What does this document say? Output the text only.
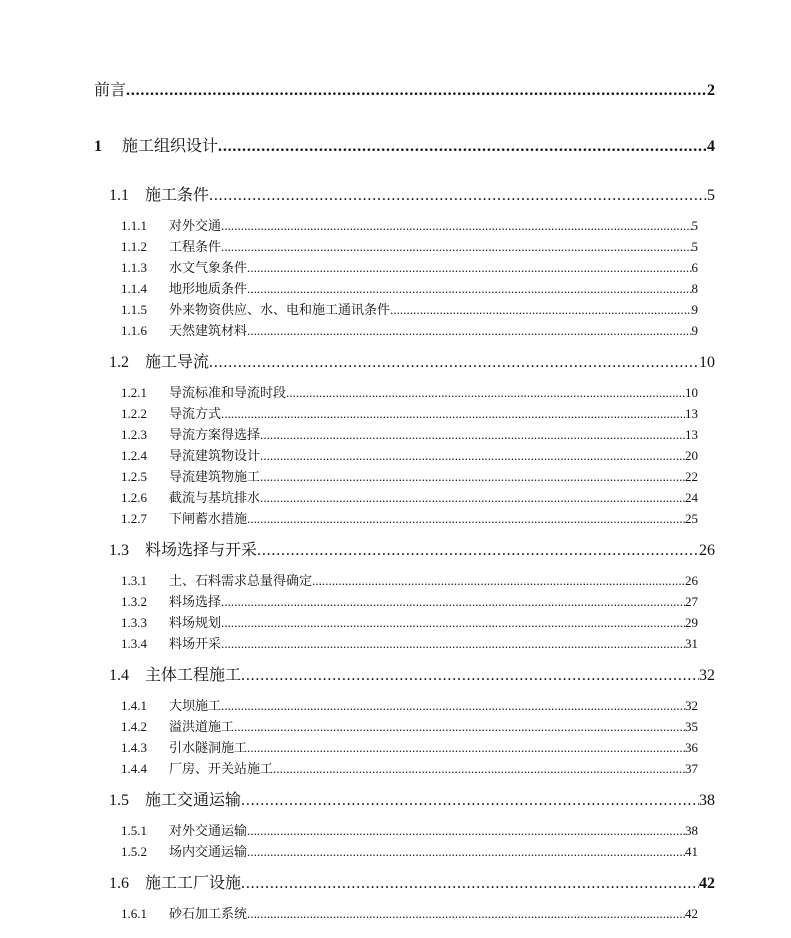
前言 . . .	2
1	施工组织设计 . . .	4
1.1	施工条件 . . .	5
1.1.1	对外交通 . . .	5
1.1.2	工程条件 . . .	5
1.1.3	水文气象条件 . . .	6
1.1.4	地形地质条件 . . .	8
1.1.5	外来物资供应、水、电和施工通讯条件 . . .	9
1.1.6	天然建筑材料 . . .	9
1.2	施工导流 . . .	10
1.2.1	导流标准和导流时段 . . .	10
1.2.2	导流方式 . . .	13
1.2.3	导流方案得选择 . . .	13
1.2.4	导流建筑物设计 . . .	20
1.2.5	导流建筑物施工 . . .	22
1.2.6	截流与基坑排水 . . .	24
1.2.7	下闸蓄水措施 . . .	25
1.3	料场选择与开采 . . .	26
1.3.1	土、石料需求总量得确定 . . .	26
1.3.2	料场选择 . . .	27
1.3.3	料场规划 . . .	29
1.3.4	料场开采 . . .	31
1.4	主体工程施工 . . .	32
1.4.1	大坝施工 . . .	32
1.4.2	溢洪道施工 . . .	35
1.4.3	引水隧洞施工 . . .	36
1.4.4	厂房、开关站施工 . . .	37
1.5	施工交通运输 . . .	38
1.5.1	对外交通运输 . . .	38
1.5.2	场内交通运输 . . .	41
1.6	施工工厂设施 . . .	42
1.6.1	砂石加工系统 . . .	42
